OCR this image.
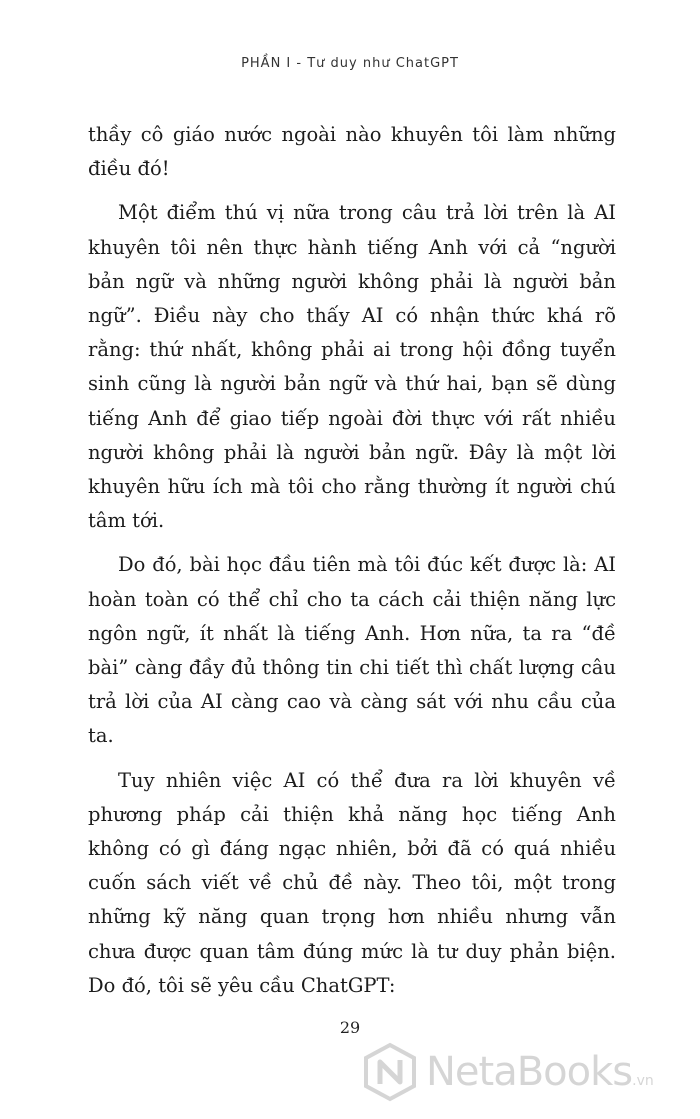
PHẦN I - Tư duy như ChatGPT

thầy cô giáo nước ngoài nào khuyên tôi làm những điều đó!

Một điểm thú vị nữa trong câu trả lời trên là AI khuyên tôi nên thực hành tiếng Anh với cả “người bản ngữ và những người không phải là người bản ngữ”. Điều này cho thấy AI có nhận thức khá rõ rằng: thứ nhất, không phải ai trong hội đồng tuyển sinh cũng là người bản ngữ và thứ hai, bạn sẽ dùng tiếng Anh để giao tiếp ngoài đời thực với rất nhiều người không phải là người bản ngữ. Đây là một lời khuyên hữu ích mà tôi cho rằng thường ít người chú tâm tới.

Do đó, bài học đầu tiên mà tôi đúc kết được là: AI hoàn toàn có thể chỉ cho ta cách cải thiện năng lực ngôn ngữ, ít nhất là tiếng Anh. Hơn nữa, ta ra “đề bài” càng đầy đủ thông tin chi tiết thì chất lượng câu trả lời của AI càng cao và càng sát với nhu cầu của ta.

Tuy nhiên việc AI có thể đưa ra lời khuyên về phương pháp cải thiện khả năng học tiếng Anh không có gì đáng ngạc nhiên, bởi đã có quá nhiều cuốn sách viết về chủ đề này. Theo tôi, một trong những kỹ năng quan trọng hơn nhiều nhưng vẫn chưa được quan tâm đúng mức là tư duy phản biện. Do đó, tôi sẽ yêu cầu ChatGPT:

29
NetaBooks.vn
